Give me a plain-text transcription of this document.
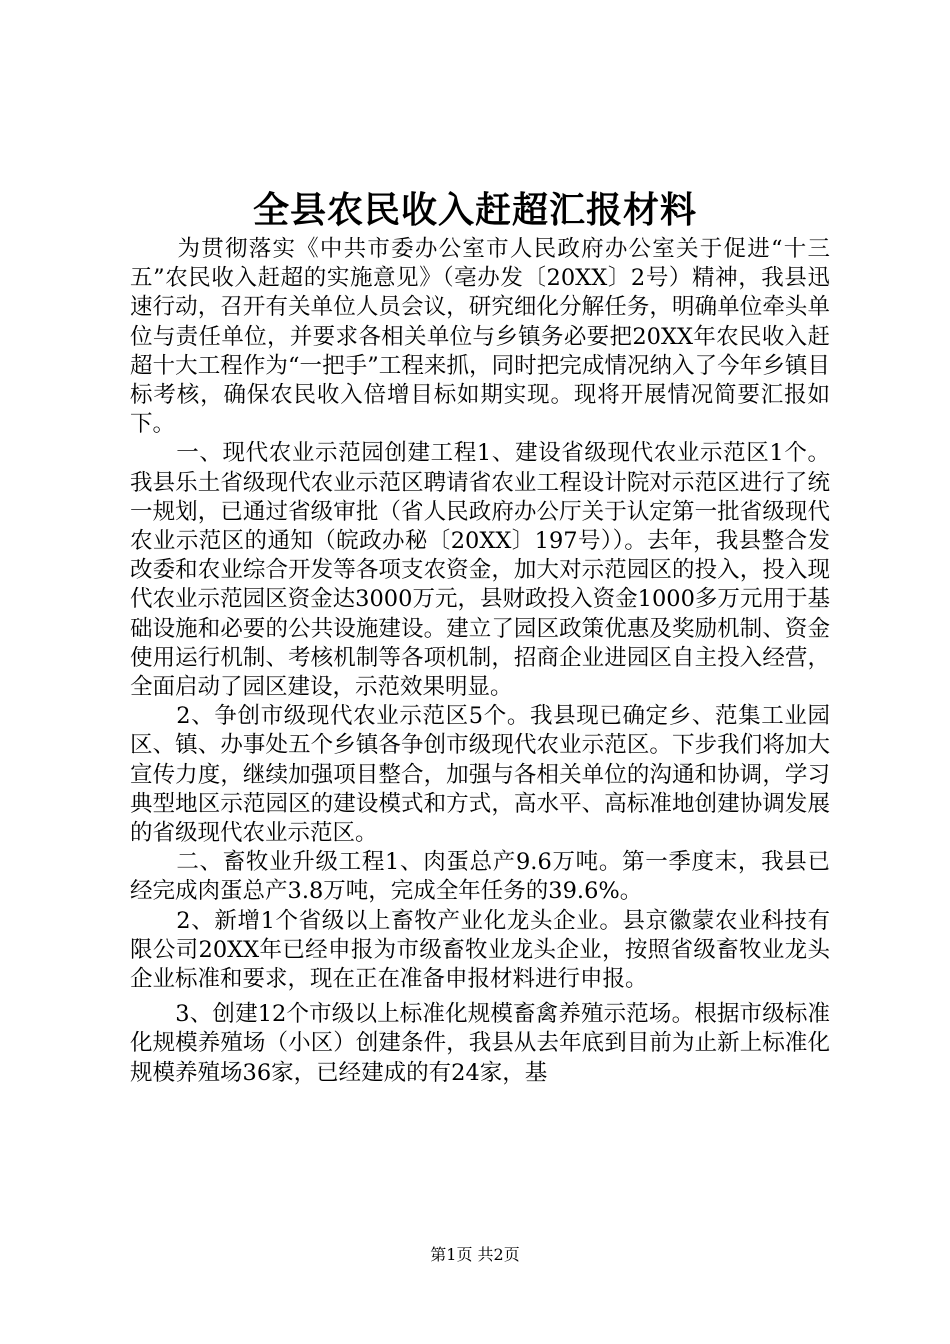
全县农民收入赶超汇报材料

　　为贯彻落实《中共市委办公室市人民政府办公室关于促进“十三五”农民收入赶超的实施意见》（亳办发〔20XX〕2号）精神，我县迅速行动，召开有关单位人员会议，研究细化分解任务，明确单位牵头单位与责任单位，并要求各相关单位与乡镇务必要把20XX年农民收入赶超十大工程作为“一把手”工程来抓，同时把完成情况纳入了今年乡镇目标考核，确保农民收入倍增目标如期实现。现将开展情况简要汇报如下。

　　一、现代农业示范园创建工程1、建设省级现代农业示范区1个。我县乐土省级现代农业示范区聘请省农业工程设计院对示范区进行了统一规划，已通过省级审批（省人民政府办公厅关于认定第一批省级现代农业示范区的通知（皖政办秘〔20XX〕197号））。去年，我县整合发改委和农业综合开发等各项支农资金，加大对示范园区的投入，投入现代农业示范园区资金达3000万元，县财政投入资金1000多万元用于基础设施和必要的公共设施建设。建立了园区政策优惠及奖励机制、资金使用运行机制、考核机制等各项机制，招商企业进园区自主投入经营，全面启动了园区建设，示范效果明显。

　　2、争创市级现代农业示范区5个。我县现已确定乡、范集工业园区、镇、办事处五个乡镇各争创市级现代农业示范区。下步我们将加大宣传力度，继续加强项目整合，加强与各相关单位的沟通和协调，学习典型地区示范园区的建设模式和方式，高水平、高标准地创建协调发展的省级现代农业示范区。

　　二、畜牧业升级工程1、肉蛋总产9.6万吨。第一季度末，我县已经完成肉蛋总产3.8万吨，完成全年任务的39.6%。

　　2、新增1个省级以上畜牧产业化龙头企业。县京徽蒙农业科技有限公司20XX年已经申报为市级畜牧业龙头企业，按照省级畜牧业龙头企业标准和要求，现在正在准备申报材料进行申报。

　　3、创建12个市级以上标准化规模畜禽养殖示范场。根据市级标准化规模养殖场（小区）创建条件，我县从去年底到目前为止新上标准化规模养殖场36家，已经建成的有24家，基

第1页 共2页
